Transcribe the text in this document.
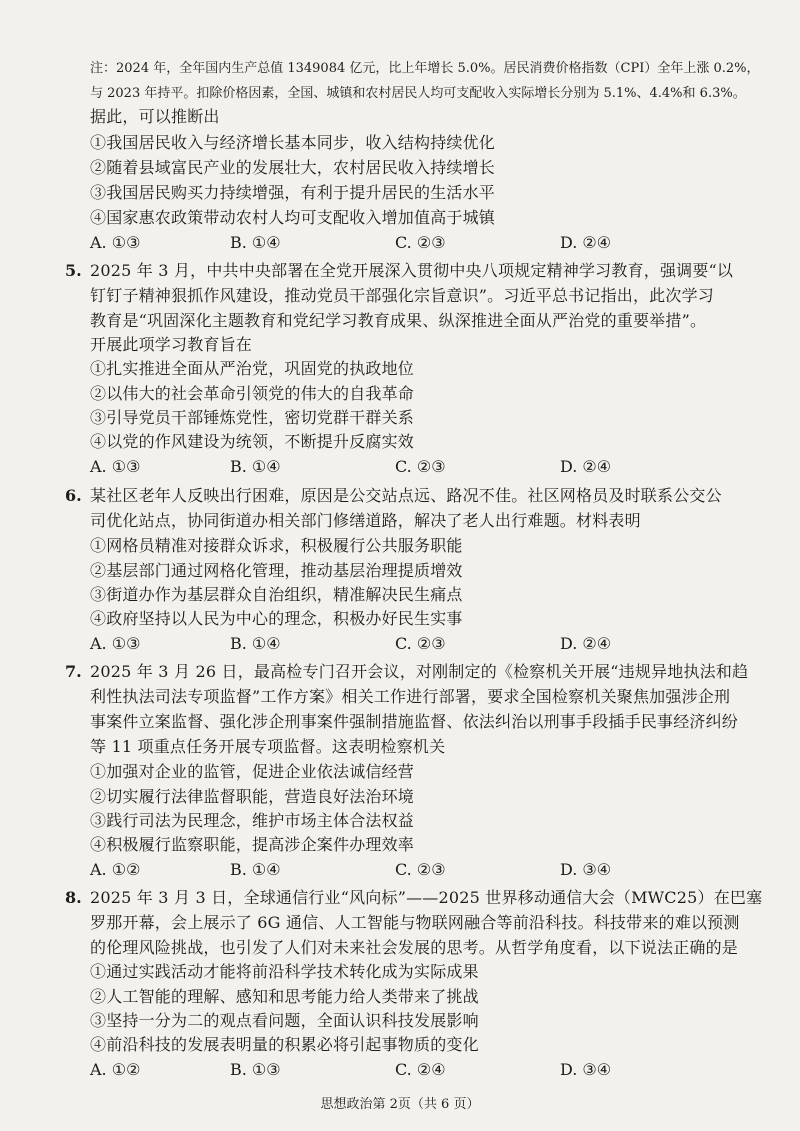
注：2024 年，全年国内生产总值 1349084 亿元，比上年增长 5.0%。居民消费价格指数（CPI）全年上涨 0.2%，
与 2023 年持平。扣除价格因素，全国、城镇和农村居民人均可支配收入实际增长分别为 5.1%、4.4%和 6.3%。
据此，可以推断出
①我国居民收入与经济增长基本同步，收入结构持续优化
②随着县域富民产业的发展壮大，农村居民收入持续增长
③我国居民购买力持续增强，有利于提升居民的生活水平
④国家惠农政策带动农村人均可支配收入增加值高于城镇
A. ①③	B. ①④	C. ②③	D. ②④
5. 2025 年 3 月，中共中央部署在全党开展深入贯彻中央八项规定精神学习教育，强调要“以
钉钉子精神狠抓作风建设，推动党员干部强化宗旨意识”。习近平总书记指出，此次学习
教育是“巩固深化主题教育和党纪学习教育成果、纵深推进全面从严治党的重要举措”。
开展此项学习教育旨在
①扎实推进全面从严治党，巩固党的执政地位
②以伟大的社会革命引领党的伟大的自我革命
③引导党员干部锤炼党性，密切党群干群关系
④以党的作风建设为统领，不断提升反腐实效
A. ①③	B. ①④	C. ②③	D. ②④
6. 某社区老年人反映出行困难，原因是公交站点远、路况不佳。社区网格员及时联系公交公
司优化站点，协同街道办相关部门修缮道路，解决了老人出行难题。材料表明
①网格员精准对接群众诉求，积极履行公共服务职能
②基层部门通过网格化管理，推动基层治理提质增效
③街道办作为基层群众自治组织，精准解决民生痛点
④政府坚持以人民为中心的理念，积极办好民生实事
A. ①③	B. ①④	C. ②③	D. ②④
7. 2025 年 3 月 26 日，最高检专门召开会议，对刚制定的《检察机关开展“违规异地执法和趋
利性执法司法专项监督”工作方案》相关工作进行部署，要求全国检察机关聚焦加强涉企刑
事案件立案监督、强化涉企刑事案件强制措施监督、依法纠治以刑事手段插手民事经济纠纷
等 11 项重点任务开展专项监督。这表明检察机关
①加强对企业的监管，促进企业依法诚信经营
②切实履行法律监督职能，营造良好法治环境
③践行司法为民理念，维护市场主体合法权益
④积极履行监察职能，提高涉企案件办理效率
A. ①②	B. ①④	C. ②③	D. ③④
8. 2025 年 3 月 3 日，全球通信行业“风向标”——2025 世界移动通信大会（MWC25）在巴塞
罗那开幕，会上展示了 6G 通信、人工智能与物联网融合等前沿科技。科技带来的难以预测
的伦理风险挑战，也引发了人们对未来社会发展的思考。从哲学角度看，以下说法正确的是
①通过实践活动才能将前沿科学技术转化成为实际成果
②人工智能的理解、感知和思考能力给人类带来了挑战
③坚持一分为二的观点看问题，全面认识科技发展影响
④前沿科技的发展表明量的积累必将引起事物质的变化
A. ①②	B. ①③	C. ②④	D. ③④
思想政治第 2页（共 6 页）
